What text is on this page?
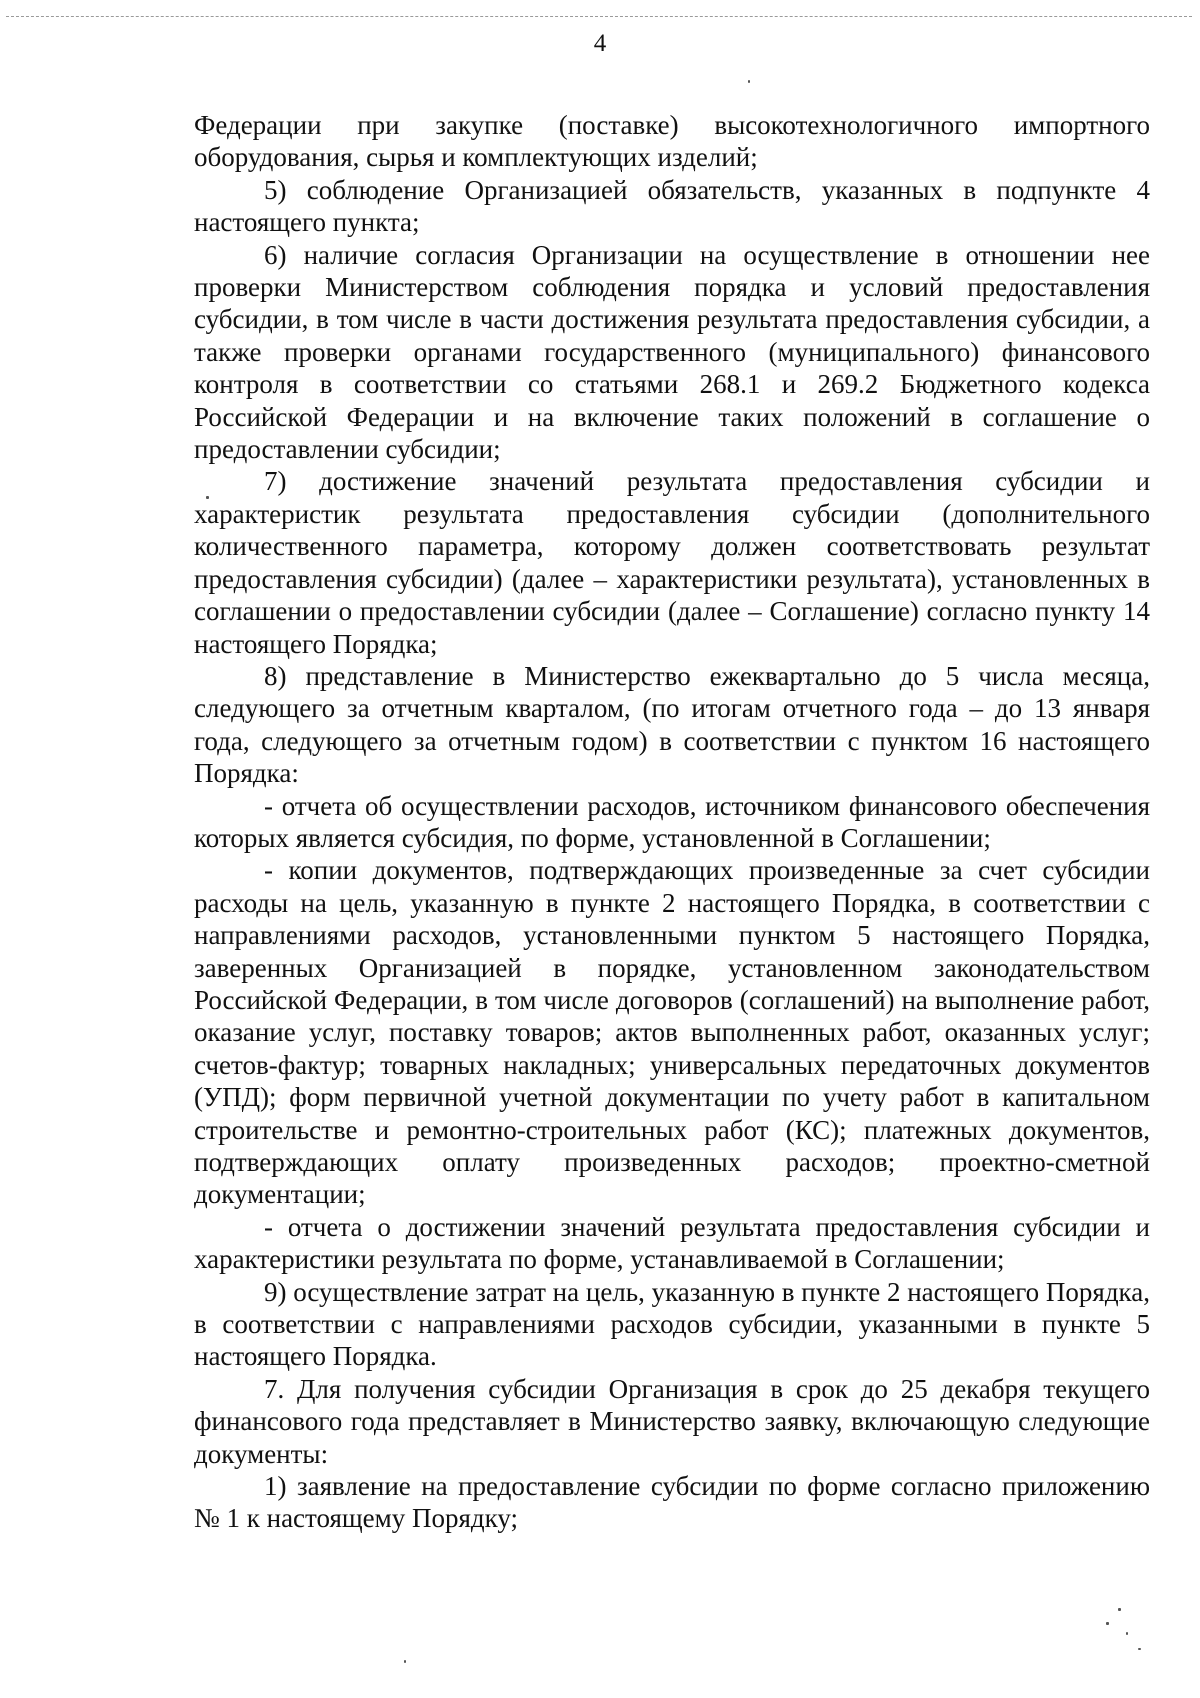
4

Федерации при закупке (поставке) высокотехнологичного импортного оборудования, сырья и комплектующих изделий;

5) соблюдение Организацией обязательств, указанных в подпункте 4 настоящего пункта;

6) наличие согласия Организации на осуществление в отношении нее проверки Министерством соблюдения порядка и условий предоставления субсидии, в том числе в части достижения результата предоставления субсидии, а также проверки органами государственного (муниципального) финансового контроля в соответствии со статьями 268.1 и 269.2 Бюджетного кодекса Российской Федерации и на включение таких положений в соглашение о предоставлении субсидии;

7) достижение значений результата предоставления субсидии и характеристик результата предоставления субсидии (дополнительного количественного параметра, которому должен соответствовать результат предоставления субсидии) (далее – характеристики результата), установленных в соглашении о предоставлении субсидии (далее – Соглашение) согласно пункту 14 настоящего Порядка;

8) представление в Министерство ежеквартально до 5 числа месяца, следующего за отчетным кварталом, (по итогам отчетного года – до 13 января года, следующего за отчетным годом) в соответствии с пунктом 16 настоящего Порядка:

- отчета об осуществлении расходов, источником финансового обеспечения которых является субсидия, по форме, установленной в Соглашении;

- копии документов, подтверждающих произведенные за счет субсидии расходы на цель, указанную в пункте 2 настоящего Порядка, в соответствии с направлениями расходов, установленными пунктом 5 настоящего Порядка, заверенных Организацией в порядке, установленном законодательством Российской Федерации, в том числе договоров (соглашений) на выполнение работ, оказание услуг, поставку товаров; актов выполненных работ, оказанных услуг; счетов-фактур; товарных накладных; универсальных передаточных документов (УПД); форм первичной учетной документации по учету работ в капитальном строительстве и ремонтно-строительных работ (КС); платежных документов, подтверждающих оплату произведенных расходов; проектно-сметной документации;

- отчета о достижении значений результата предоставления субсидии и характеристики результата по форме, устанавливаемой в Соглашении;

9) осуществление затрат на цель, указанную в пункте 2 настоящего Порядка, в соответствии с направлениями расходов субсидии, указанными в пункте 5 настоящего Порядка.

7. Для получения субсидии Организация в срок до 25 декабря текущего финансового года представляет в Министерство заявку, включающую следующие документы:

1) заявление на предоставление субсидии по форме согласно приложению № 1 к настоящему Порядку;
